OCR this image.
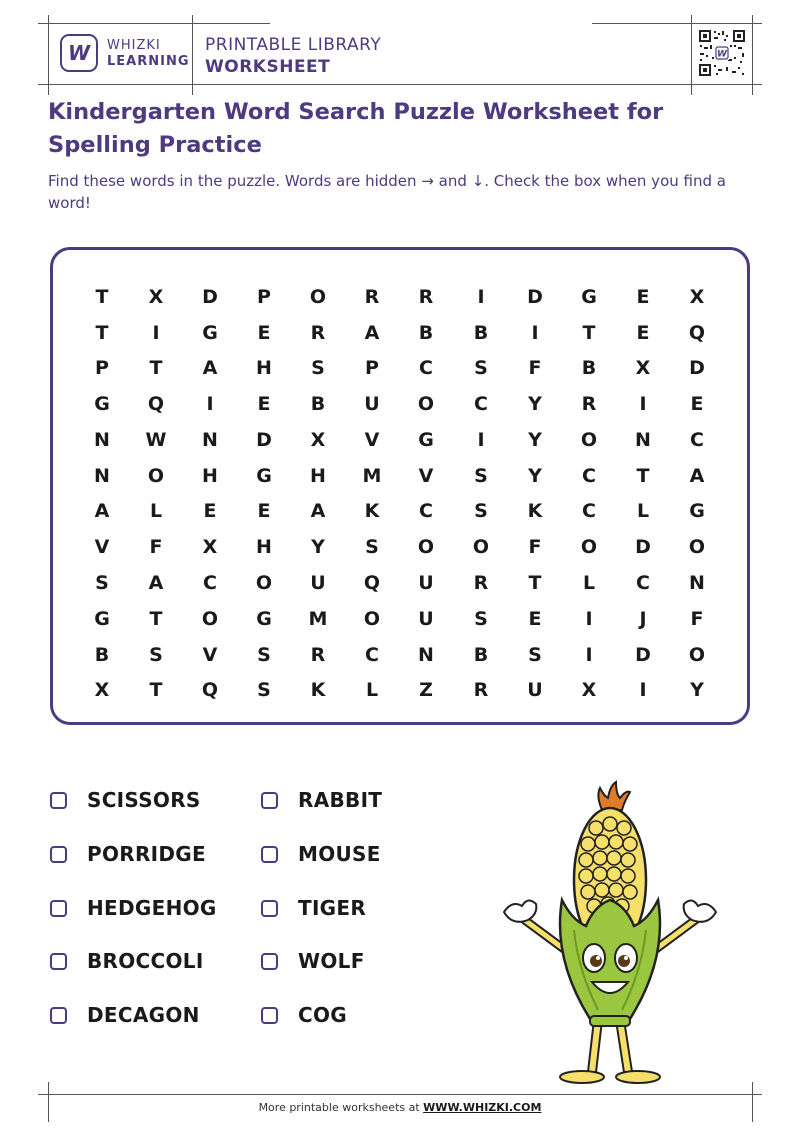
W WHIZKI
LEARNING
PRINTABLE LIBRARY
WORKSHEET
W
Kindergarten Word Search Puzzle Worksheet for Spelling Practice
Find these words in the puzzle. Words are hidden → and ↓. Check the box when you find a word!
T	X	D	P	O	R	R	I	D	G	E	X
T	I	G	E	R	A	B	B	I	T	E	Q
P	T	A	H	S	P	C	S	F	B	X	D
G	Q	I	E	B	U	O	C	Y	R	I	E
N	W	N	D	X	V	G	I	Y	O	N	C
N	O	H	G	H	M	V	S	Y	C	T	A
A	L	E	E	A	K	C	S	K	C	L	G
V	F	X	H	Y	S	O	O	F	O	D	O
S	A	C	O	U	Q	U	R	T	L	C	N
G	T	O	G	M	O	U	S	E	I	J	F
B	S	V	S	R	C	N	B	S	I	D	O
X	T	Q	S	K	L	Z	R	U	X	I	Y
SCISSORS
PORRIDGE
HEDGEHOG
BROCCOLI
DECAGON
RABBIT
MOUSE
TIGER
WOLF
COG
More printable worksheets at WWW.WHIZKI.COM
